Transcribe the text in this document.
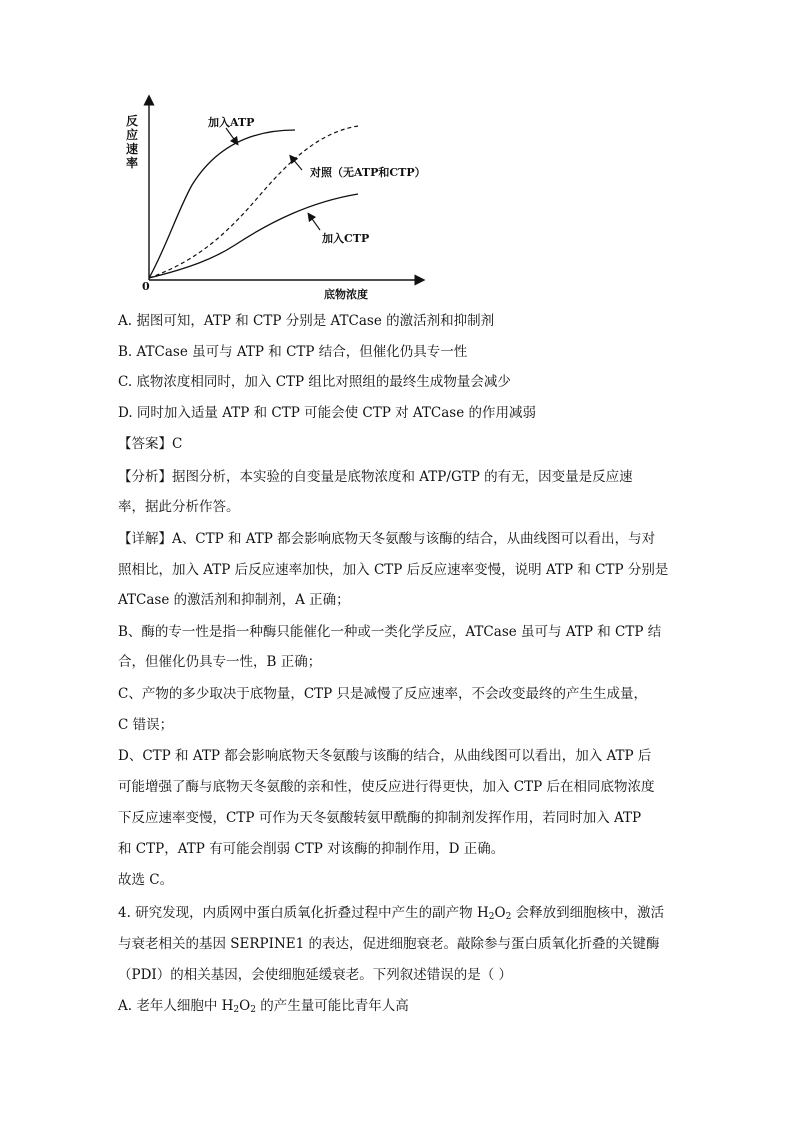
反
应
速
率
0
底物浓度
加入ATP
对照（无ATP和CTP）
加入CTP
A. 据图可知，ATP 和 CTP 分别是 ATCase 的激活剂和抑制剂
B. ATCase 虽可与 ATP 和 CTP 结合，但催化仍具专一性
C. 底物浓度相同时，加入 CTP 组比对照组的最终生成物量会减少
D. 同时加入适量 ATP 和 CTP 可能会使 CTP 对 ATCase 的作用减弱
【答案】C
【分析】据图分析，本实验的自变量是底物浓度和 ATP/GTP 的有无，因变量是反应速
率，据此分析作答。
【详解】A、CTP 和 ATP 都会影响底物天冬氨酸与该酶的结合，从曲线图可以看出，与对
照相比，加入 ATP 后反应速率加快，加入 CTP 后反应速率变慢，说明 ATP 和 CTP 分别是
ATCase 的激活剂和抑制剂，A 正确；
B、酶的专一性是指一种酶只能催化一种或一类化学反应，ATCase 虽可与 ATP 和 CTP 结
合，但催化仍具专一性，B 正确；
C、产物的多少取决于底物量，CTP 只是减慢了反应速率，不会改变最终的产生生成量，
C 错误；
D、CTP 和 ATP 都会影响底物天冬氨酸与该酶的结合，从曲线图可以看出，加入 ATP 后
可能增强了酶与底物天冬氨酸的亲和性，使反应进行得更快，加入 CTP 后在相同底物浓度
下反应速率变慢，CTP 可作为天冬氨酸转氨甲酰酶的抑制剂发挥作用，若同时加入 ATP
和 CTP，ATP 有可能会削弱 CTP 对该酶的抑制作用，D 正确。
故选 C。
4. 研究发现，内质网中蛋白质氧化折叠过程中产生的副产物 $H_2O_2$ 会释放到细胞核中，激活
与衰老相关的基因 SERPINE1 的表达，促进细胞衰老。敲除参与蛋白质氧化折叠的关键酶
（PDI）的相关基因，会使细胞延缓衰老。下列叙述错误的是（ ）
A. 老年人细胞中 $H_2O_2$ 的产生量可能比青年人高
